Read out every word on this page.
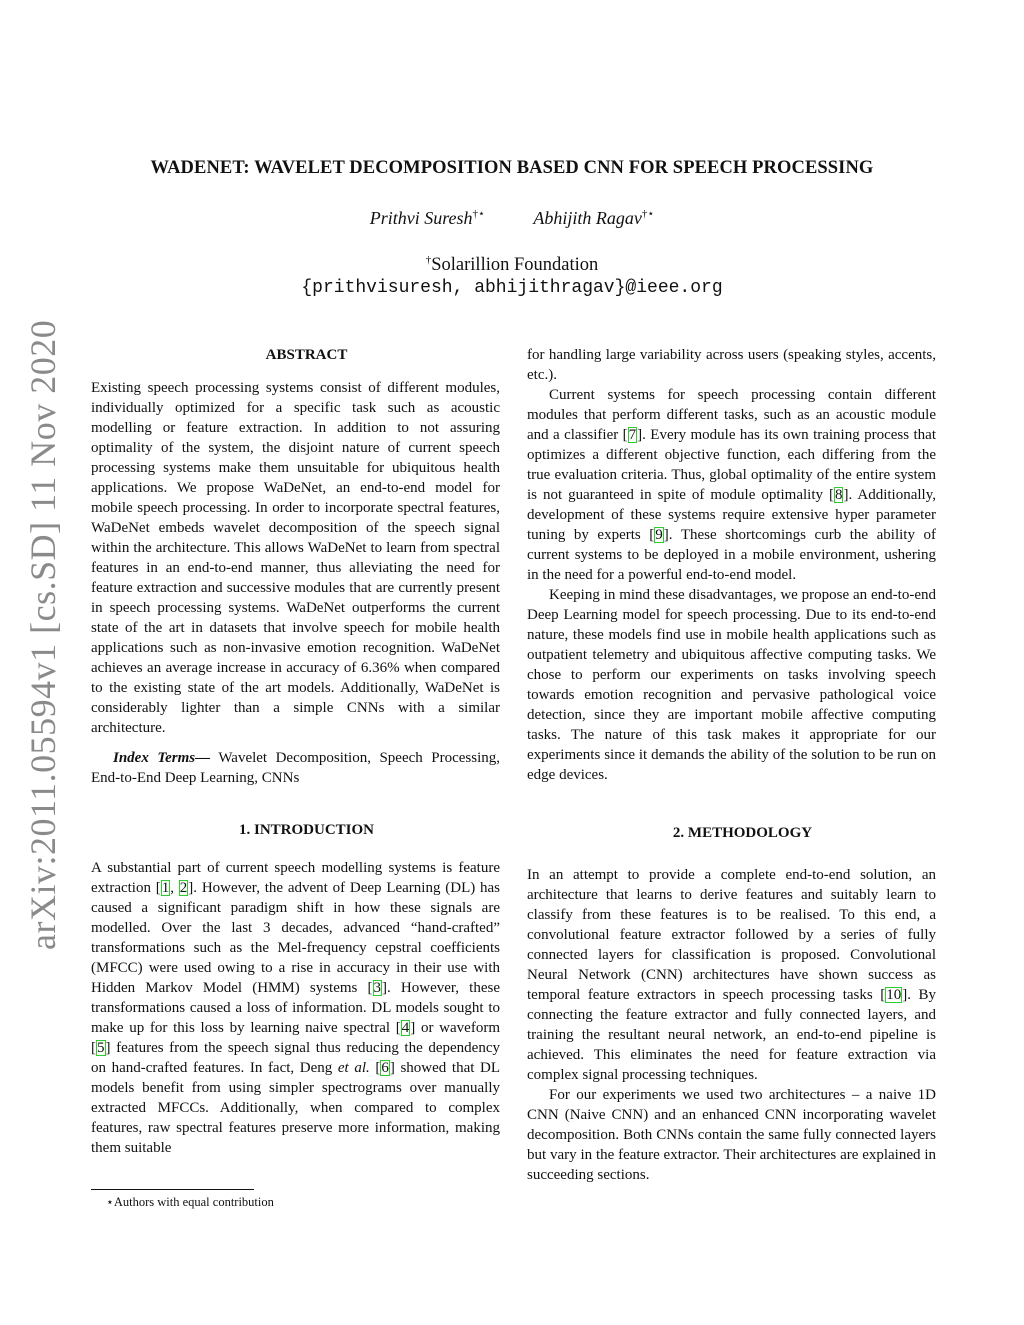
arXiv:2011.05594v1 [cs.SD] 11 Nov 2020
WADENET: WAVELET DECOMPOSITION BASED CNN FOR SPEECH PROCESSING
Prithvi Suresh†⋆	Abhijith Ragav†⋆
†Solarillion Foundation
{prithvisuresh, abhijithragav}@ieee.org

ABSTRACT

Existing speech processing systems consist of different modules, individually optimized for a specific task such as acoustic modelling or feature extraction. In addition to not assuring optimality of the system, the disjoint nature of current speech processing systems make them unsuitable for ubiquitous health applications. We propose WaDeNet, an end-to-end model for mobile speech processing. In order to incorporate spectral features, WaDeNet embeds wavelet decomposition of the speech signal within the architecture. This allows WaDeNet to learn from spectral features in an end-to-end manner, thus alleviating the need for feature extraction and successive modules that are currently present in speech processing systems. WaDeNet outperforms the current state of the art in datasets that involve speech for mobile health applications such as non-invasive emotion recognition. WaDeNet achieves an average increase in accuracy of 6.36% when compared to the existing state of the art models. Additionally, WaDeNet is considerably lighter than a simple CNNs with a similar architecture.

Index Terms— Wavelet Decomposition, Speech Processing, End-to-End Deep Learning, CNNs

1. INTRODUCTION

A substantial part of current speech modelling systems is feature extraction [1, 2]. However, the advent of Deep Learning (DL) has caused a significant paradigm shift in how these signals are modelled. Over the last 3 decades, advanced “hand-crafted” transformations such as the Mel-frequency cepstral coefficients (MFCC) were used owing to a rise in accuracy in their use with Hidden Markov Model (HMM) systems [3]. However, these transformations caused a loss of information. DL models sought to make up for this loss by learning naive spectral [4] or waveform [5] features from the speech signal thus reducing the dependency on hand-crafted features. In fact, Deng et al. [6] showed that DL models benefit from using simpler spectrograms over manually extracted MFCCs. Additionally, when compared to complex features, raw spectral features preserve more information, making them suitable

for handling large variability across users (speaking styles, accents, etc.).

Current systems for speech processing contain different modules that perform different tasks, such as an acoustic module and a classifier [7]. Every module has its own training process that optimizes a different objective function, each differing from the true evaluation criteria. Thus, global optimality of the entire system is not guaranteed in spite of module optimality [8]. Additionally, development of these systems require extensive hyper parameter tuning by experts [9]. These shortcomings curb the ability of current systems to be deployed in a mobile environment, ushering in the need for a powerful end-to-end model.

Keeping in mind these disadvantages, we propose an end-to-end Deep Learning model for speech processing. Due to its end-to-end nature, these models find use in mobile health applications such as outpatient telemetry and ubiquitous affective computing tasks. We chose to perform our experiments on tasks involving speech towards emotion recognition and pervasive pathological voice detection, since they are important mobile affective computing tasks. The nature of this task makes it appropriate for our experiments since it demands the ability of the solution to be run on edge devices.

2. METHODOLOGY

In an attempt to provide a complete end-to-end solution, an architecture that learns to derive features and suitably learn to classify from these features is to be realised. To this end, a convolutional feature extractor followed by a series of fully connected layers for classification is proposed. Convolutional Neural Network (CNN) architectures have shown success as temporal feature extractors in speech processing tasks [10]. By connecting the feature extractor and fully connected layers, and training the resultant neural network, an end-to-end pipeline is achieved. This eliminates the need for feature extraction via complex signal processing techniques.

For our experiments we used two architectures – a naive 1D CNN (Naive CNN) and an enhanced CNN incorporating wavelet decomposition. Both CNNs contain the same fully connected layers but vary in the feature extractor. Their architectures are explained in succeeding sections.

⋆Authors with equal contribution
